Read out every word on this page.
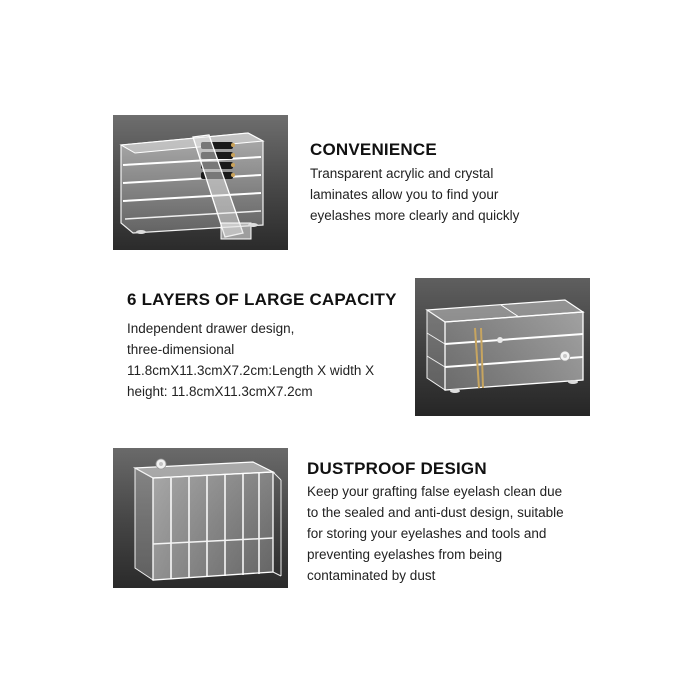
CONVENIENCE

Transparent acrylic and crystal
laminates allow you to find your
eyelashes more clearly and quickly

6 LAYERS OF LARGE CAPACITY

Independent drawer design,
three-dimensional
11.8cmX11.3cmX7.2cm:Length X width X
height: 11.8cmX11.3cmX7.2cm

DUSTPROOF DESIGN

Keep your grafting false eyelash clean due
to the sealed and anti-dust design, suitable
for storing your eyelashes and tools and
preventing eyelashes from being
contaminated by dust
